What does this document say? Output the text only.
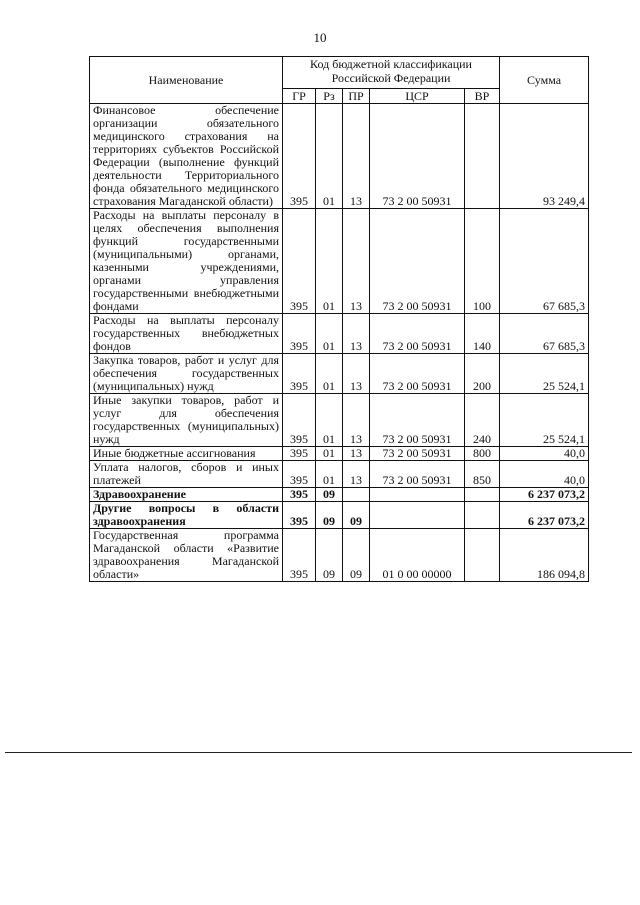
10
Наименование	Код бюджетной классификации Российской Федерации					Сумма
	ГР	Рз	ПР	ЦСР	ВР	
Финансовое обеспечение организации обязательного медицинского страхования на территориях субъектов Российской Федерации (выполнение функций деятельности Территориального фонда обязательного медицинского страхования Магаданской области)	395	01	13	73 2 00 50931		93 249,4
Расходы на выплаты персоналу в целях обеспечения выполнения функций государственными (муниципальными) органами, казенными учреждениями, органами управления государственными внебюджетными фондами	395	01	13	73 2 00 50931	100	67 685,3
Расходы на выплаты персоналу государственных внебюджетных фондов	395	01	13	73 2 00 50931	140	67 685,3
Закупка товаров, работ и услуг для обеспечения государственных (муниципальных) нужд	395	01	13	73 2 00 50931	200	25 524,1
Иные закупки товаров, работ и услуг для обеспечения государственных (муниципальных) нужд	395	01	13	73 2 00 50931	240	25 524,1
Иные бюджетные ассигнования	395	01	13	73 2 00 50931	800	40,0
Уплата налогов, сборов и иных платежей	395	01	13	73 2 00 50931	850	40,0
Здравоохранение	395	09				6 237 073,2
Другие вопросы в области здравоохранения	395	09	09			6 237 073,2
Государственная программа Магаданской области «Развитие здравоохранения Магаданской области»	395	09	09	01 0 00 00000		186 094,8
